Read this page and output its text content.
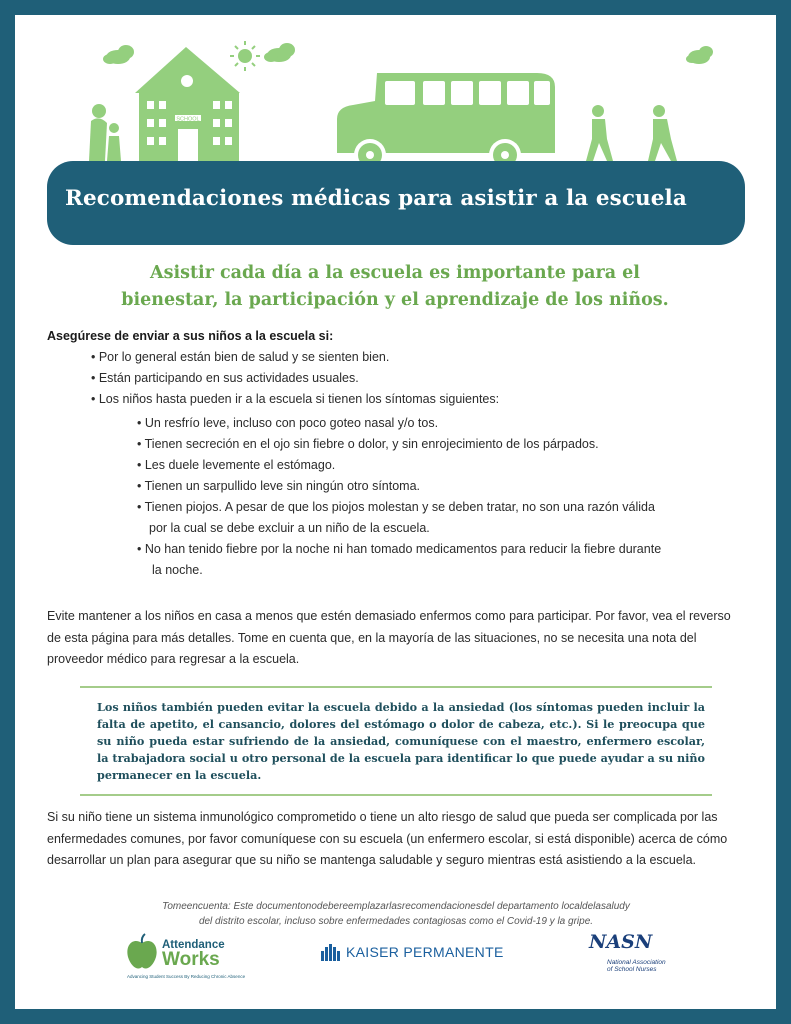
SCHOOL
Recomendaciones médicas para asistir a la escuela
Asistir cada día a la escuela es importante para el
bienestar, la participación y el aprendizaje de los niños.
Asegúrese de enviar a sus niños a la escuela si:
• Por lo general están bien de salud y se sienten bien.
• Están participando en sus actividades usuales.
• Los niños hasta pueden ir a la escuela si tienen los síntomas siguientes:
• Un resfrío leve, incluso con poco goteo nasal y/o tos.
• Tienen secreción en el ojo sin fiebre o dolor, y sin enrojecimiento de los párpados.
• Les duele levemente el estómago.
• Tienen un sarpullido leve sin ningún otro síntoma.
• Tienen piojos. A pesar de que los piojos molestan y se deben tratar, no son una razón válida
por la cual se debe excluir a un niño de la escuela.
• No han tenido fiebre por la noche ni han tomado medicamentos para reducir la fiebre durante
la noche.
Evite mantener a los niños en casa a menos que estén demasiado enfermos como para participar. Por favor, vea el reverso de esta página para más detalles. Tome en cuenta que, en la mayoría de las situaciones, no se necesita una nota del proveedor médico para regresar a la escuela.
Los niños también pueden evitar la escuela debido a la ansiedad (los síntomas pueden incluir la falta de apetito, el cansancio, dolores del estómago o dolor de cabeza, etc.). Si le preocupa que su niño pueda estar sufriendo de la ansiedad, comuníquese con el maestro, enfermero escolar, la trabajadora social u otro personal de la escuela para identificar lo que puede ayudar a su niño permanecer en la escuela.
Si su niño tiene un sistema inmunológico comprometido o tiene un alto riesgo de salud que pueda ser complicada por las enfermedades comunes, por favor comuníquese con su escuela (un enfermero escolar, si está disponible) acerca de cómo desarrollar un plan para asegurar que su niño se mantenga saludable y seguro mientras está asistiendo a la escuela.
Tomeencuenta: Este documentonodebereemplazarlasrecomendacionesdel departamento localdelasaludy
del distrito escolar, incluso sobre enfermedades contagiosas como el Covid-19 y la gripe.
Attendance
Works
Advancing Student Success By Reducing Chronic Absence
KAISER PERMANENTE	NASN
National Association of School Nurses
